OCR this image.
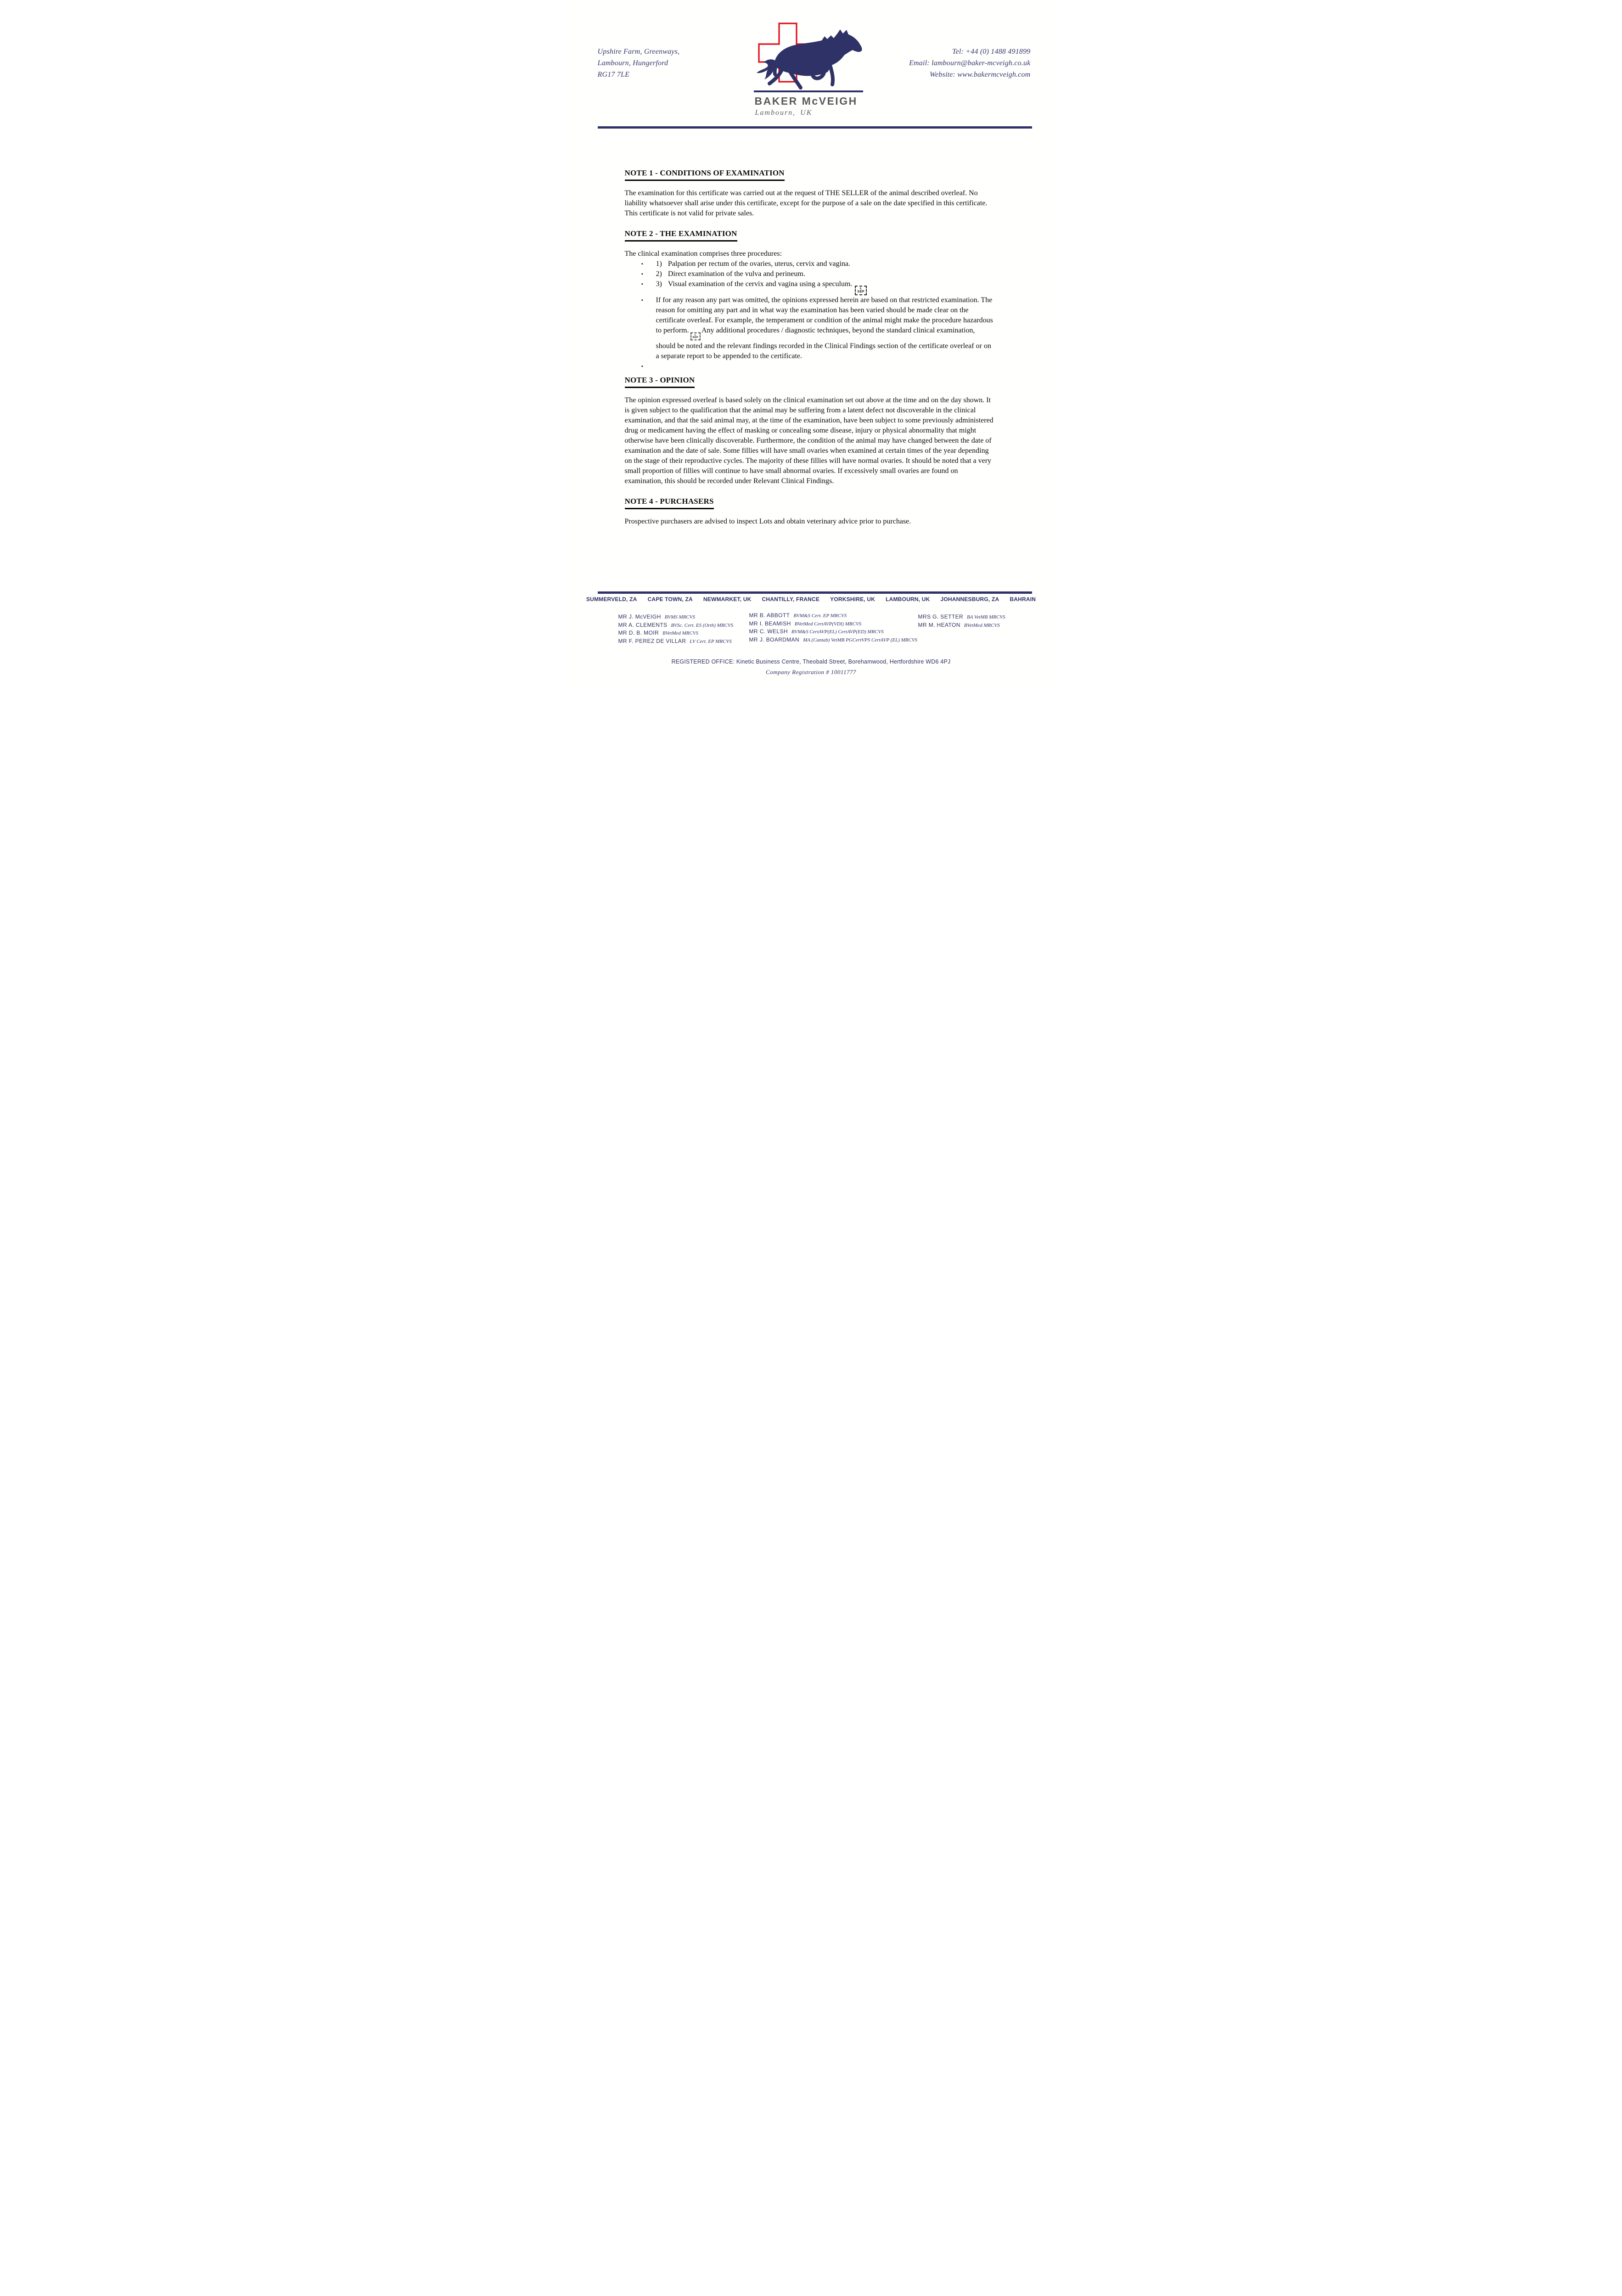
Upshire Farm, Greenways,
Lambourn, Hungerford
RG17 7LE
Tel: +44 (0) 1488 491899
Email: lambourn@baker-mcveigh.co.uk
Website: www.bakermcveigh.com
BAKER McVEIGH
Lambourn, UK
NOTE 1 - CONDITIONS OF EXAMINATION
The examination for this certificate was carried out at the request of THE SELLER of the animal described overleaf. No liability whatsoever shall arise under this certificate, except for the purpose of a sale on the date specified in this certificate. This certificate is not valid for private sales.
NOTE 2 - THE EXAMINATION
The clinical examination comprises three procedures:
•	1) Palpation per rectum of the ovaries, uterus, cervix and vagina.
•	2) Direct examination of the vulva and perineum.
•	3) Visual examination of the cervix and vagina using a speculum.
L
SEP
•	If for any reason any part was omitted, the opinions expressed herein are based on that restricted examination. The reason for omitting any part and in what way the examination has been varied should be made clear on the certificate overleaf. For example, the temperament or condition of the animal might make the procedure hazardous to perform.
L
SEP
Any additional procedures / diagnostic techniques, beyond the standard clinical examination, should be noted and the relevant findings recorded in the Clinical Findings section of the certificate overleaf or on a separate report to be appended to the certificate.
•
NOTE 3 - OPINION
The opinion expressed overleaf is based solely on the clinical examination set out above at the time and on the day shown. It is given subject to the qualification that the animal may be suffering from a latent defect not discoverable in the clinical examination, and that the said animal may, at the time of the examination, have been subject to some previously administered drug or medicament having the effect of masking or concealing some disease, injury or physical abnormality that might otherwise have been clinically discoverable. Furthermore, the condition of the animal may have changed between the date of examination and the date of sale. Some fillies will have small ovaries when examined at certain times of the year depending on the stage of their reproductive cycles. The majority of these fillies will have normal ovaries. It should be noted that a very small proportion of fillies will continue to have small abnormal ovaries. If excessively small ovaries are found on examination, this should be recorded under Relevant Clinical Findings.
NOTE 4 - PURCHASERS
Prospective purchasers are advised to inspect Lots and obtain veterinary advice prior to purchase.
SUMMERVELD, ZA CAPE TOWN, ZA NEWMARKET, UK CHANTILLY, FRANCE YORKSHIRE, UK LAMBOURN, UK JOHANNESBURG, ZA BAHRAIN
MR J. McVEIGH BVMS MRCVS
MR A. CLEMENTS BVSc. Cert. ES (Orth) MRCVS
MR D. B. MOIR BVetMed MRCVS
MR F. PEREZ DE VILLAR LV Cert. EP MRCVS
MR B. ABBOTT BVM&S Cert. EP MRCVS
MR I. BEAMISH BVetMed CertAVP(VDI) MRCVS
MR C. WELSH BVM&S CertAVP(EL) CertAVP(ED) MRCVS
MR J. BOARDMAN MA (Cantab) VetMB PGCertVPS CertAVP (EL) MRCVS
MRS G. SETTER BA VetMB MRCVS
MR M. HEATON BVetMed MRCVS
REGISTERED OFFICE: Kinetic Business Centre, Theobald Street, Borehamwood, Hertfordshire WD6 4PJ
Company Registration # 10011777
